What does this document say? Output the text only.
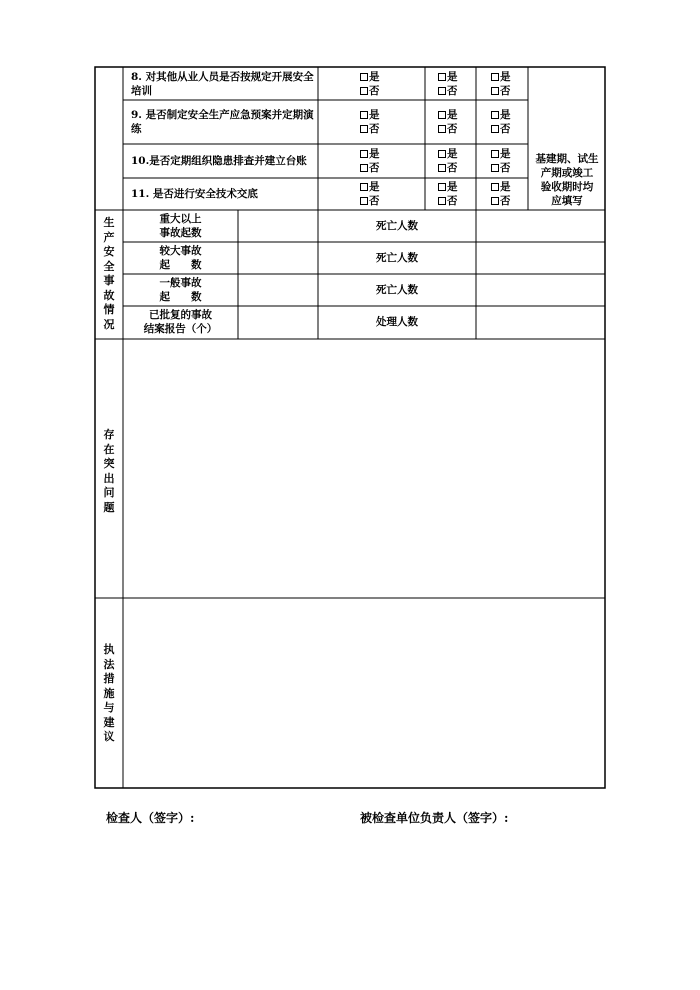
8. 对其他从业人员是否按规定开展安全
培训
是
否
是
否
是
否
9. 是否制定安全生产应急预案并定期演
练
是
否
是
否
是
否
10.是否定期组织隐患排查并建立台账
是
否
是
否
是
否
11. 是否进行安全技术交底
是
否
是
否
是
否
基建期、试生
产期或竣工
验收期时均
应填写
生产安全事故情况
重大以上
事故起数
死亡人数
较大事故
起　　数
死亡人数
一般事故
起　　数
死亡人数
已批复的事故
结案报告（个）
处理人数
存在突出问题
执法措施与建议
检查人（签字）:	被检查单位负责人（签字）:
